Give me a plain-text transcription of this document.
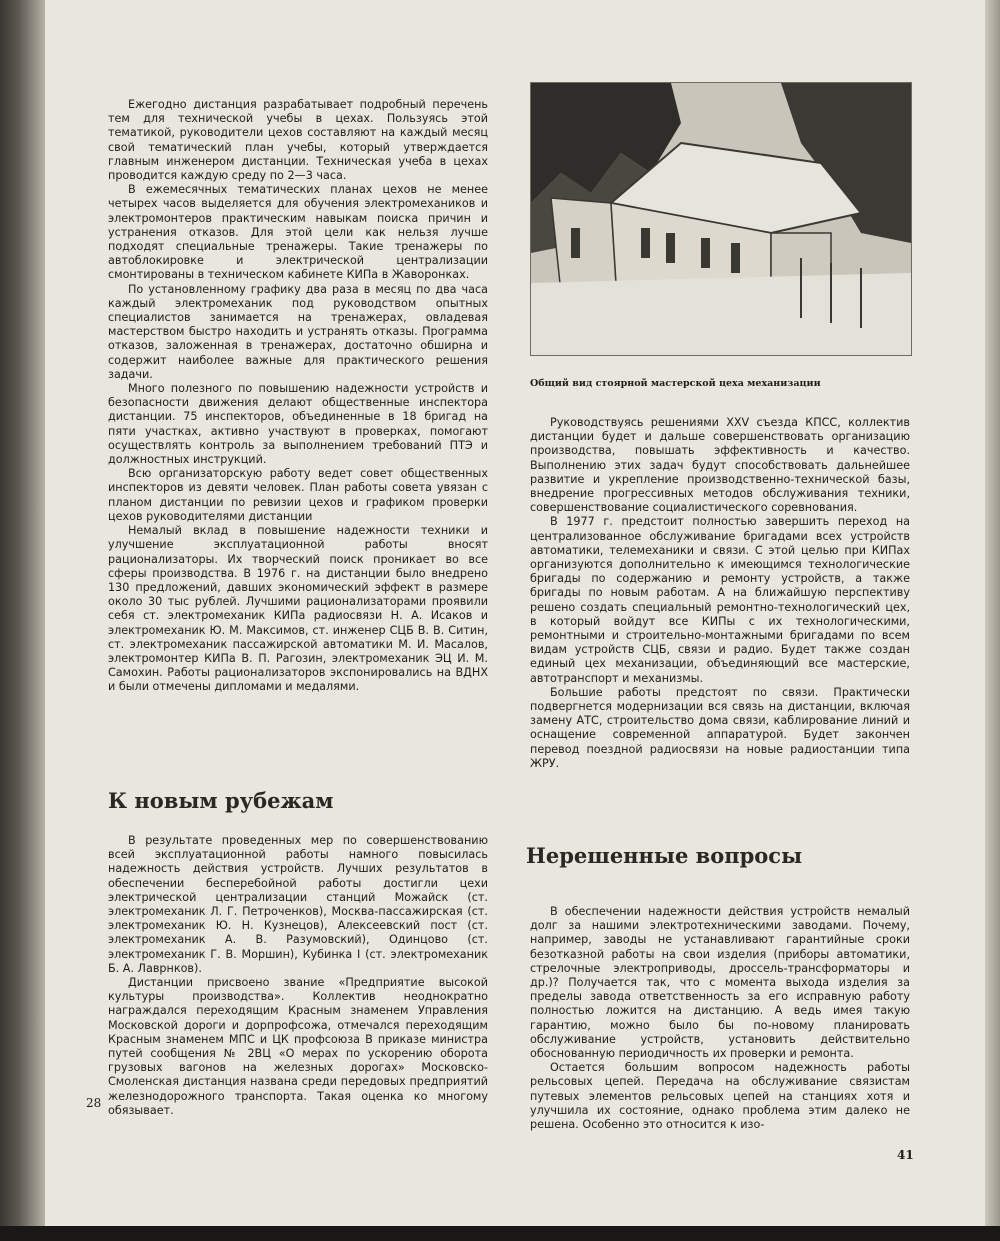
Ежегодно дистанция разрабатывает подробный перечень тем для технической учебы в цехах. Пользуясь этой тематикой, руководители цехов составляют на каждый месяц свой тематический план учебы, который утверждается главным инженером дистанции. Техническая учеба в цехах проводится каждую среду по 2—3 часа.

В ежемесячных тематических планах цехов не менее четырех часов выделяется для обучения электромехаников и электромонтеров практическим навыкам поиска причин и устранения отказов. Для этой цели как нельзя лучше подходят специальные тренажеры. Такие тренажеры по автоблокировке и электрической централизации смонтированы в техническом кабинете КИПа в Жаворонках.

По установленному графику два раза в месяц по два часа каждый электромеханик под руководством опытных специалистов занимается на тренажерах, овладевая мастерством быстро находить и устранять отказы. Программа отказов, заложенная в тренажерах, достаточно обширна и содержит наиболее важные для практического решения задачи.

Много полезного по повышению надежности устройств и безопасности движения делают общественные инспектора дистанции. 75 инспекторов, объединенные в 18 бригад на пяти участках, активно участвуют в проверках, помогают осуществлять контроль за выполнением требований ПТЭ и должностных инструкций.

Всю организаторскую работу ведет совет общественных инспекторов из девяти человек. План работы совета увязан с планом дистанции по ревизии цехов и графиком проверки цехов руководителями дистанции

Немалый вклад в повышение надежности техники и улучшение эксплуатационной работы вносят рационализаторы. Их творческий поиск проникает во все сферы производства. В 1976 г. на дистанции было внедрено 130 предложений, давших экономический эффект в размере около 30 тыс рублей. Лучшими рационализаторами проявили себя ст. электромеханик КИПа радиосвязи Н. А. Исаков и электромеханик Ю. М. Максимов, ст. инженер СЦБ В. В. Ситин, ст. электромеханик пассажирской автоматики М. И. Масалов, электромонтер КИПа В. П. Рагозин, электромеханик ЭЦ И. М. Самохин. Работы рационализаторов экспонировались на ВДНХ и были отмечены дипломами и медалями.

К новым рубежам

В результате проведенных мер по совершенствованию всей эксплуатационной работы намного повысилась надежность действия устройств. Лучших результатов в обеспечении бесперебойной работы достигли цехи электрической централизации станций Можайск (ст. электромеханик Л. Г. Петроченков), Москва-пассажирская (ст. электромеханик Ю. Н. Кузнецов), Алексеевский пост (ст. электромеханик А. В. Разумовский), Одинцово (ст. электромеханик Г. В. Моршин), Кубинка I (ст. электромеханик Б. А. Лаврнков).

Дистанции присвоено звание «Предприятие высокой культуры производства». Коллектив неоднократно награждался переходящим Красным знаменем Управления Московской дороги и дорпрофсожа, отмечался переходящим Красным знаменем МПС и ЦК профсоюза В приказе министра путей сообщения № 2ВЦ «О мерах по ускорению оборота грузовых вагонов на железных дорогах» Московско-Смоленская дистанция названа среди передовых предприятий железнодорожного транспорта. Такая оценка ко многому обязывает.

28
Общий вид стоярной мастерской цеха механизации

Руководствуясь решениями XXV съезда КПСС, коллектив дистанции будет и дальше совершенствовать организацию производства, повышать эффективность и качество. Выполнению этих задач будут способствовать дальнейшее развитие и укрепление производственно-технической базы, внедрение прогрессивных методов обслуживания техники, совершенствование социалистического соревнования.

В 1977 г. предстоит полностью завершить переход на централизованное обслуживание бригадами всех устройств автоматики, телемеханики и связи. С этой целью при КИПах организуются дополнительно к имеющимся технологические бригады по содержанию и ремонту устройств, а также бригады по новым работам. А на ближайшую перспективу решено создать специальный ремонтно-технологический цех, в который войдут все КИПы с их технологическими, ремонтными и строительно-монтажными бригадами по всем видам устройств СЦБ, связи и радио. Будет также создан единый цех механизации, объединяющий все мастерские, автотранспорт и механизмы.

Большие работы предстоят по связи. Практически подвергнется модернизации вся связь на дистанции, включая замену АТС, строительство дома связи, каблирование линий и оснащение современной аппаратурой. Будет закончен перевод поездной радиосвязи на новые радиостанции типа ЖРУ.

Нерешенные вопросы

В обеспечении надежности действия устройств немалый долг за нашими электротехническими заводами. Почему, например, заводы не устанавливают гарантийные сроки безотказной работы на свои изделия (приборы автоматики, стрелочные электроприводы, дроссель-трансформаторы и др.)? Получается так, что с момента выхода изделия за пределы завода ответственность за его исправную работу полностью ложится на дистанцию. А ведь имея такую гарантию, можно было бы по-новому планировать обслуживание устройств, установить действительно обоснованную периодичность их проверки и ремонта.

Остается большим вопросом надежность работы рельсовых цепей. Передача на обслуживание связистам путевых элементов рельсовых цепей на станциях хотя и улучшила их состояние, однако проблема этим далеко не решена. Особенно это относится к изо-

41
